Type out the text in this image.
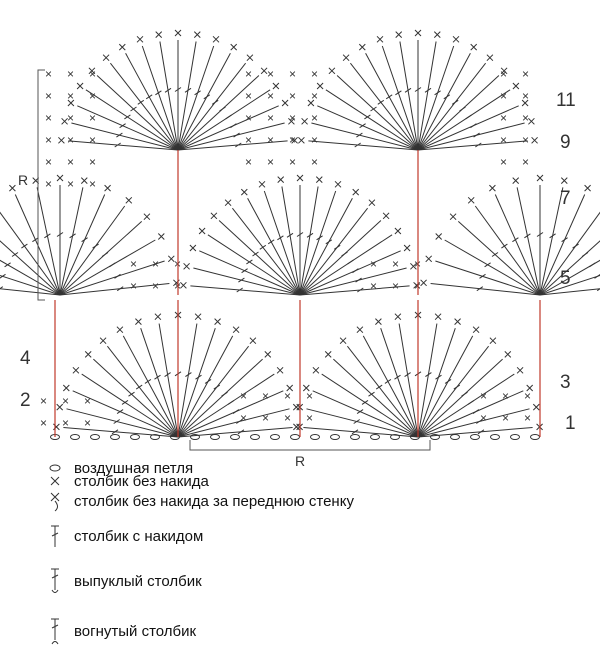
× × ×
× × ×
× × ×
× × ×
× × ×
× × ×
× × × ×
× × × ×
× × × ×
× × × ×
× × × ×
× ×
× ×
× ×
× ×
× ×
× × ×
× × ×
× × ×
× × ×
× × ×
× × ×
× × × ×
× × × ×
× × ×
× × × 1
3
5
7
9
11
2
4
R
R
воздушная петля
столбик без накида
столбик без накида за переднюю стенку
столбик с накидом
выпуклый столбик
вогнутый столбик
